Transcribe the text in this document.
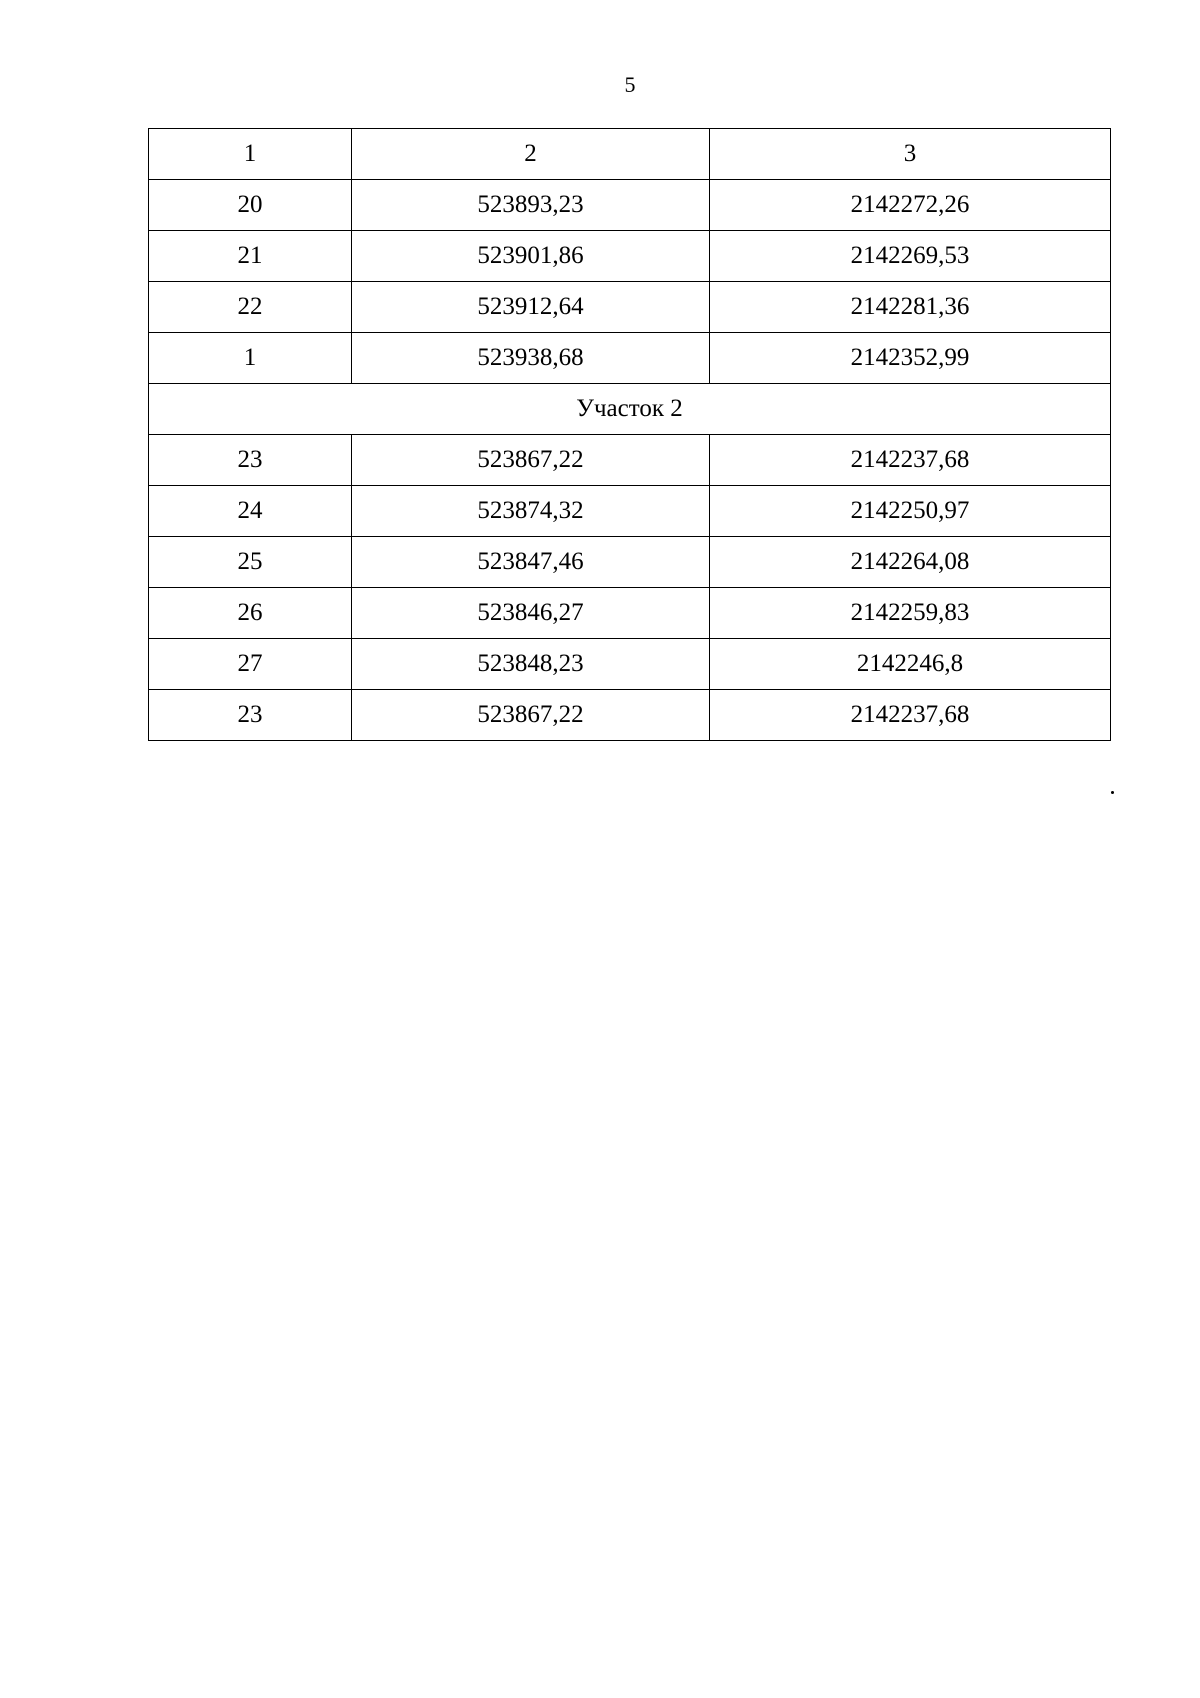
5
1	2	3
20	523893,23	2142272,26
21	523901,86	2142269,53
22	523912,64	2142281,36
1	523938,68	2142352,99
Участок 2		
23	523867,22	2142237,68
24	523874,32	2142250,97
25	523847,46	2142264,08
26	523846,27	2142259,83
27	523848,23	2142246,8
23	523867,22	2142237,68
